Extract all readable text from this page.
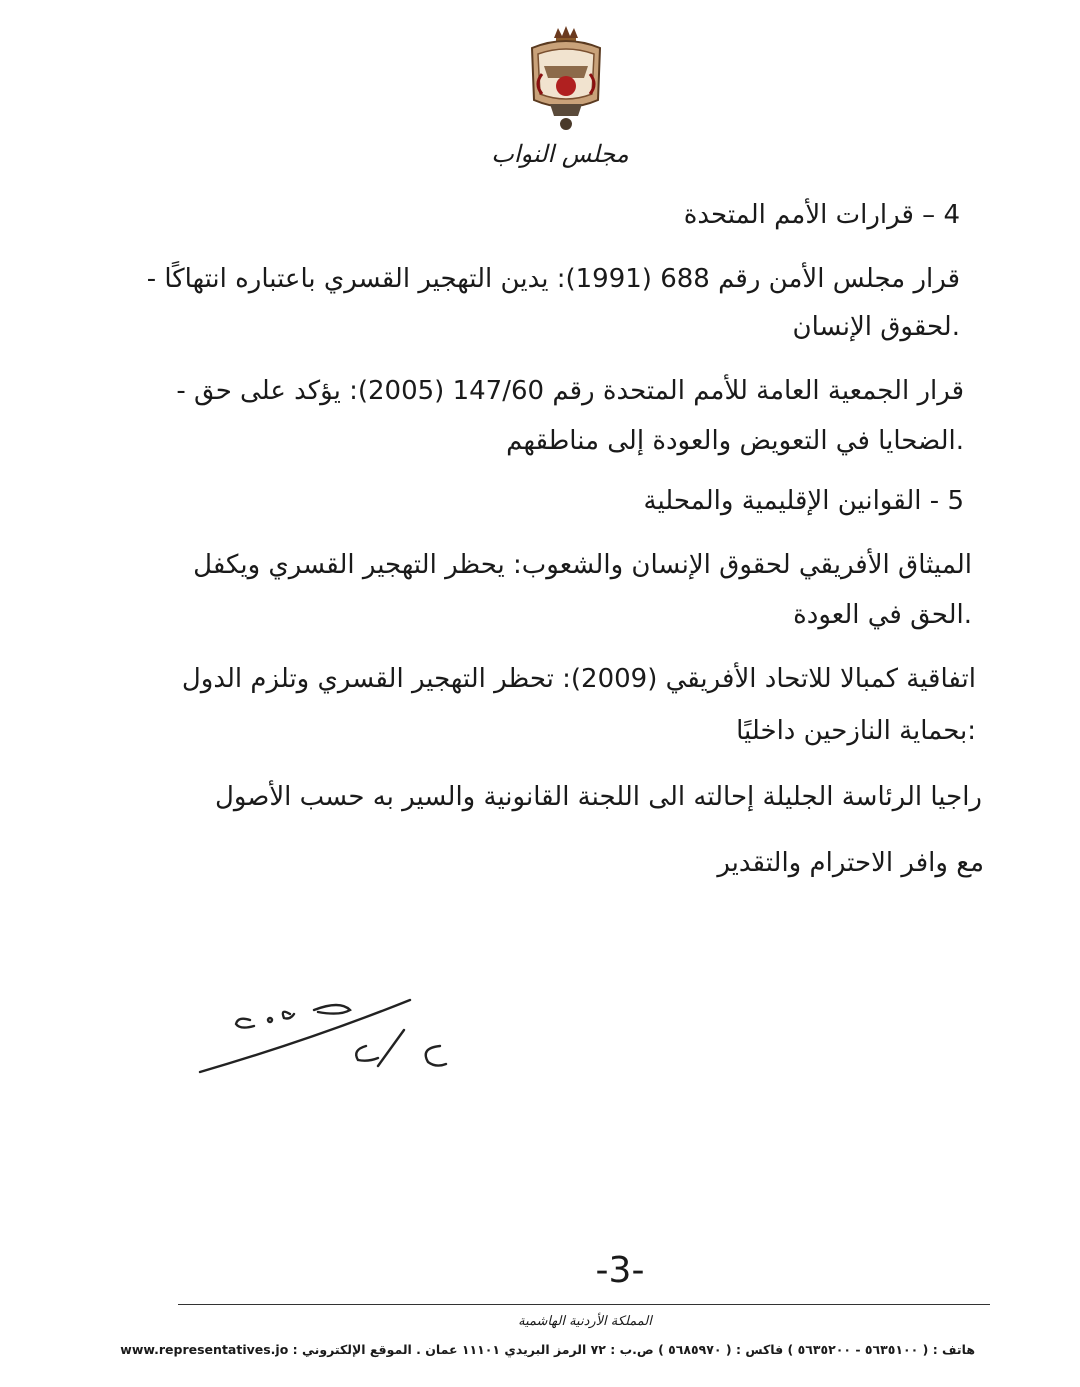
مجلس النواب
4 – قرارات الأمم المتحدة
قرار مجلس الأمن رقم 688 (1991): يدين التهجير القسري باعتباره انتهاكًا -
.لحقوق الإنسان
قرار الجمعية العامة للأمم المتحدة رقم 147/60 (2005): يؤكد على حق -
.الضحايا في التعويض والعودة إلى مناطقهم
5 - القوانين الإقليمية والمحلية
الميثاق الأفريقي لحقوق الإنسان والشعوب: يحظر التهجير القسري ويكفل
.الحق في العودة
اتفاقية كمبالا للاتحاد الأفريقي (2009): تحظر التهجير القسري وتلزم الدول
:بحماية النازحين داخليًا
راجيا الرئاسة الجليلة إحالته الى اللجنة القانونية والسير به حسب الأصول
مع وافر الاحترام والتقدير
-3-
المملكة الأردنية الهاشمية
هاتف : ( ٥٦٣٥١٠٠ - ٥٦٣٥٢٠٠ ) فاكس : ( ٥٦٨٥٩٧٠ ) ص.ب : ٧٢ الرمز البريدي ١١١٠١ عمان . الموقع الإلكتروني : www.representatives.jo
